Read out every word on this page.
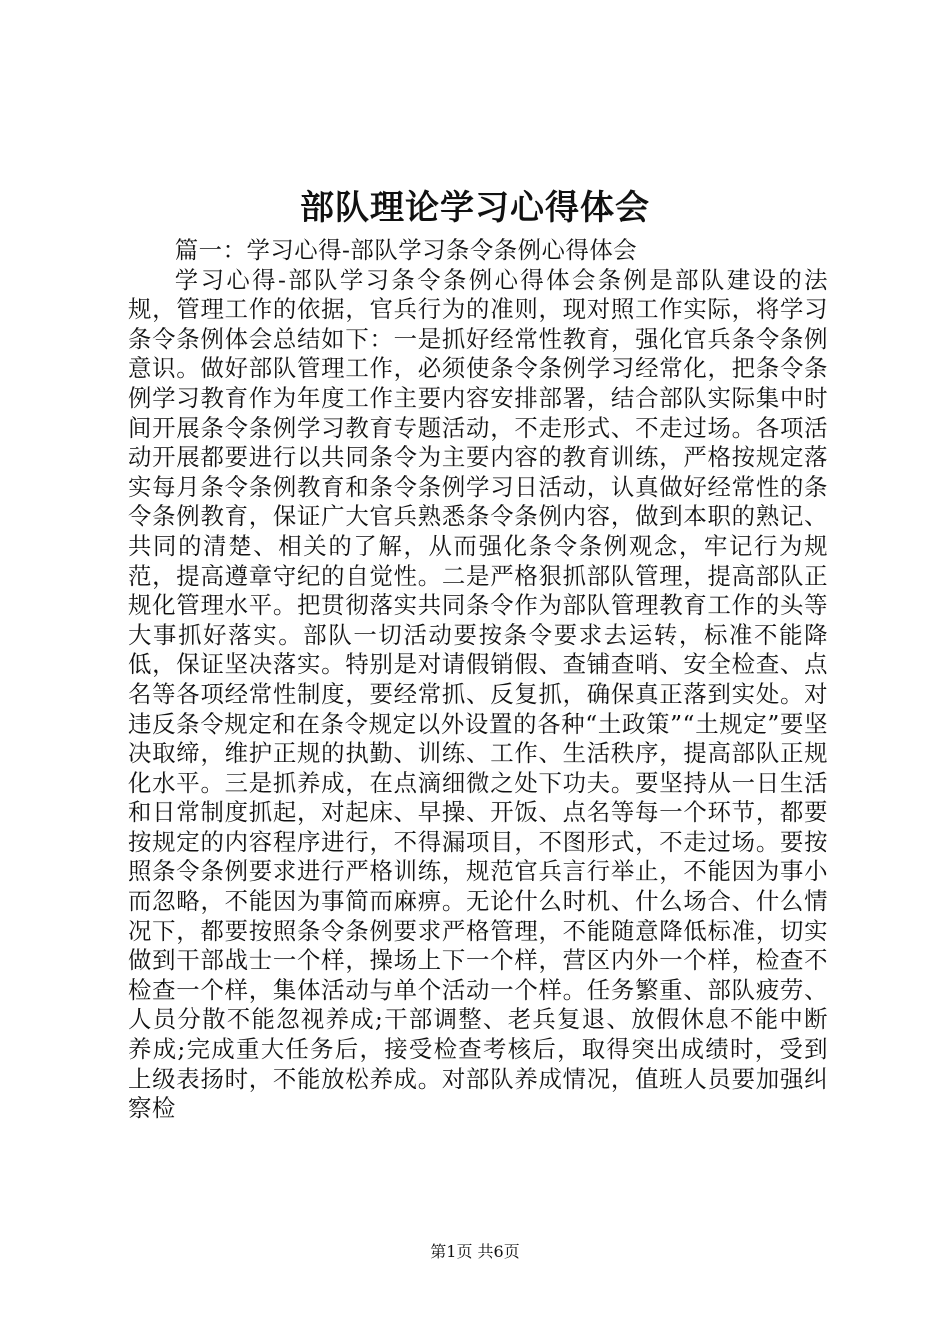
部队理论学习心得体会

篇一：学习心得-部队学习条令条例心得体会

学习心得-部队学习条令条例心得体会条例是部队建设的法规，管理工作的依据，官兵行为的准则，现对照工作实际，将学习条令条例体会总结如下：一是抓好经常性教育，强化官兵条令条例意识。做好部队管理工作，必须使条令条例学习经常化，把条令条例学习教育作为年度工作主要内容安排部署，结合部队实际集中时间开展条令条例学习教育专题活动，不走形式、不走过场。各项活动开展都要进行以共同条令为主要内容的教育训练，严格按规定落实每月条令条例教育和条令条例学习日活动，认真做好经常性的条令条例教育，保证广大官兵熟悉条令条例内容，做到本职的熟记、共同的清楚、相关的了解，从而强化条令条例观念，牢记行为规范，提高遵章守纪的自觉性。二是严格狠抓部队管理，提高部队正规化管理水平。把贯彻落实共同条令作为部队管理教育工作的头等大事抓好落实。部队一切活动要按条令要求去运转，标准不能降低，保证坚决落实。特别是对请假销假、查铺查哨、安全检查、点名等各项经常性制度，要经常抓、反复抓，确保真正落到实处。对违反条令规定和在条令规定以外设置的各种“土政策”“土规定”要坚决取缔，维护正规的执勤、训练、工作、生活秩序，提高部队正规化水平。三是抓养成，在点滴细微之处下功夫。要坚持从一日生活和日常制度抓起，对起床、早操、开饭、点名等每一个环节，都要按规定的内容程序进行，不得漏项目，不图形式，不走过场。要按照条令条例要求进行严格训练，规范官兵言行举止，不能因为事小而忽略，不能因为事简而麻痹。无论什么时机、什么场合、什么情况下，都要按照条令条例要求严格管理，不能随意降低标准，切实做到干部战士一个样，操场上下一个样，营区内外一个样，检查不检查一个样，集体活动与单个活动一个样。任务繁重、部队疲劳、人员分散不能忽视养成;干部调整、老兵复退、放假休息不能中断养成;完成重大任务后，接受检查考核后，取得突出成绩时，受到上级表扬时，不能放松养成。对部队养成情况，值班人员要加强纠察检

第1页 共6页
